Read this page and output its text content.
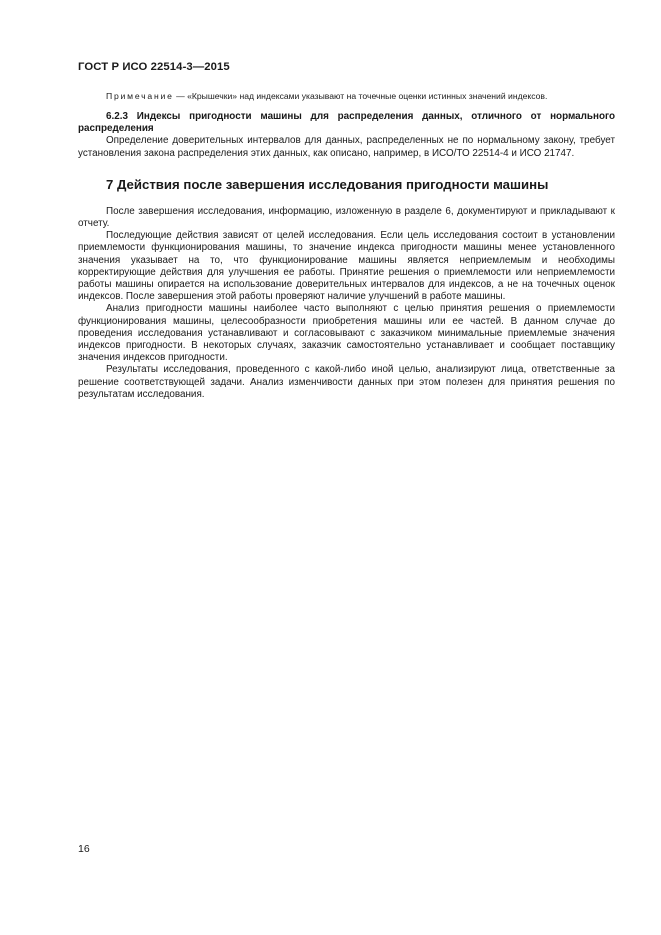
ГОСТ Р ИСО 22514-3—2015

Примечание — «Крышечки» над индексами указывают на точечные оценки истинных значений индексов.

6.2.3 Индексы пригодности машины для распределения данных, отличного от нормального распределения

Определение доверительных интервалов для данных, распределенных не по нормальному закону, требует установления закона распределения этих данных, как описано, например, в ИСО/ТО 22514-4 и ИСО 21747.

7 Действия после завершения исследования пригодности машины

После завершения исследования, информацию, изложенную в разделе 6, документируют и прикладывают к отчету.

Последующие действия зависят от целей исследования. Если цель исследования состоит в установлении приемлемости функционирования машины, то значение индекса пригодности машины менее установленного значения указывает на то, что функционирование машины является неприемлемым и необходимы корректирующие действия для улучшения ее работы. Принятие решения о приемлемости или неприемлемости работы машины опирается на использование доверительных интервалов для индексов, а не на точечных оценок индексов. После завершения этой работы проверяют наличие улучшений в работе машины.

Анализ пригодности машины наиболее часто выполняют с целью принятия решения о приемлемости функционирования машины, целесообразности приобретения машины или ее частей. В данном случае до проведения исследования устанавливают и согласовывают с заказчиком минимальные приемлемые значения индексов пригодности. В некоторых случаях, заказчик самостоятельно устанавливает и сообщает поставщику значения индексов пригодности.

Результаты исследования, проведенного с какой-либо иной целью, анализируют лица, ответственные за решение соответствующей задачи. Анализ изменчивости данных при этом полезен для принятия решения по результатам исследования.

16
